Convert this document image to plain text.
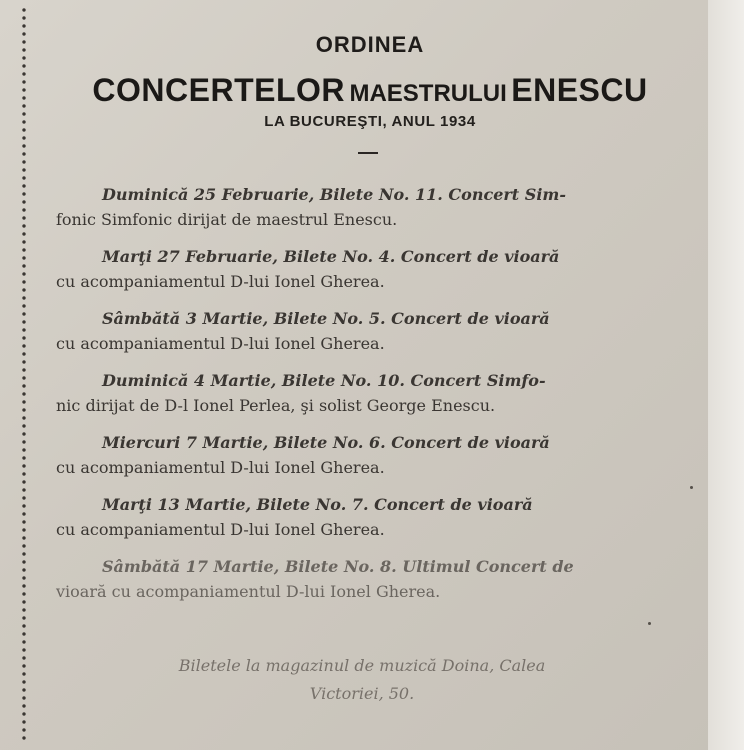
ORDINEA
CONCERTELOR MAESTRULUI ENESCU
LA BUCUREŞTI, ANUL 1934
Duminică 25 Februarie, Bilete No. 11. Concert Sim-
fonic Simfonic dirijat de maestrul Enescu.
Marţi 27 Februarie, Bilete No. 4. Concert de vioară
cu acompaniamentul D-lui Ionel Gherea.
Sâmbătă 3 Martie, Bilete No. 5. Concert de vioară
cu acompaniamentul D-lui Ionel Gherea.
Duminică 4 Martie, Bilete No. 10. Concert Simfo-
nic dirijat de D-l Ionel Perlea, şi solist George Enescu.
Miercuri 7 Martie, Bilete No. 6. Concert de vioară
cu acompaniamentul D-lui Ionel Gherea.
Marţi 13 Martie, Bilete No. 7. Concert de vioară
cu acompaniamentul D-lui Ionel Gherea.
Sâmbătă 17 Martie, Bilete No. 8. Ultimul Concert de
vioară cu acompaniamentul D-lui Ionel Gherea.
Biletele la magazinul de muzică Doina, Calea
Victoriei, 50.
